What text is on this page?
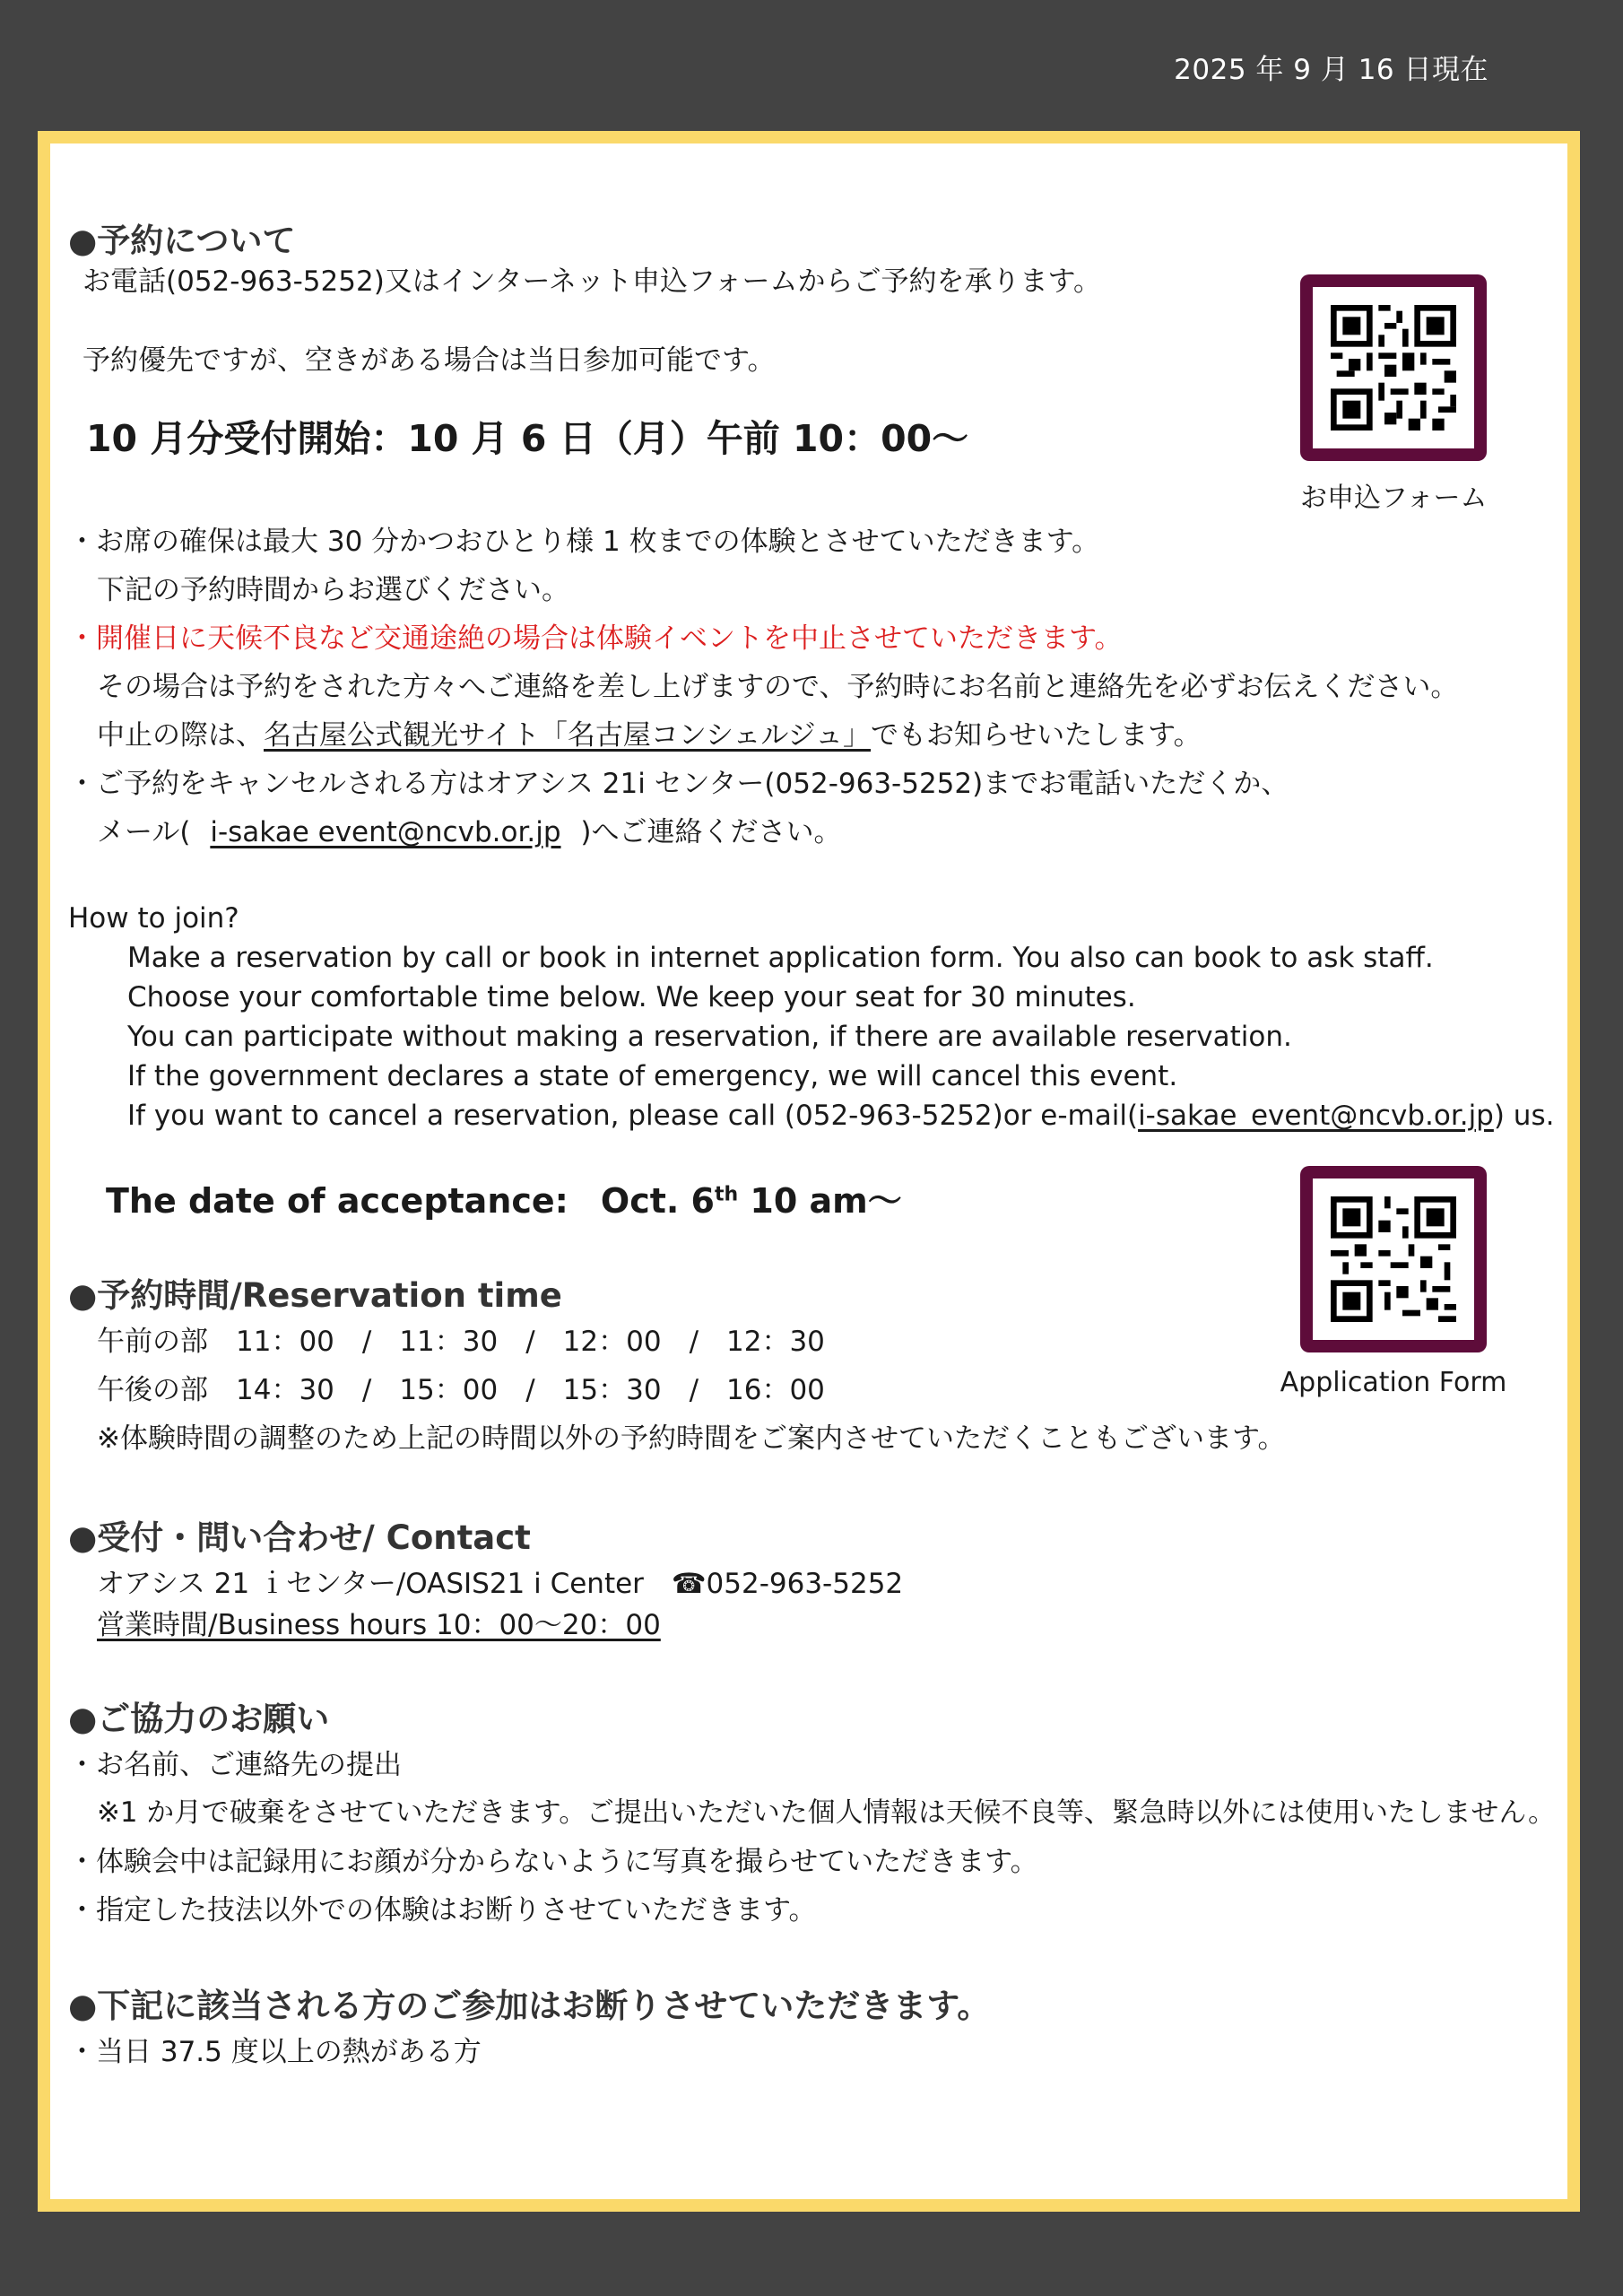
2025 年 9 月 16 日現在
●予約について
お電話(052-963-5252)又はインターネット申込フォームからご予約を承ります。
予約優先ですが、空きがある場合は当日参加可能です。
10 月分受付開始：10 月 6 日（月）午前 10：00～
・お席の確保は最大 30 分かつおひとり様 1 枚までの体験とさせていただきます。
下記の予約時間からお選びください。
・開催日に天候不良など交通途絶の場合は体験イベントを中止させていただきます。
その場合は予約をされた方々へご連絡を差し上げますので、予約時にお名前と連絡先を必ずお伝えください。
中止の際は、名古屋公式観光サイト「名古屋コンシェルジュ」でもお知らせいたします。
・ご予約をキャンセルされる方はオアシス 21i センター(052-963-5252)までお電話いただくか、
メール( i-sakae event@ncvb.or.jp )へご連絡ください。
お申込フォーム
How to join?
Make a reservation by call or book in internet application form. You also can book to ask staff.
Choose your comfortable time below. We keep your seat for 30 minutes.
You can participate without making a reservation, if there are available reservation.
If the government declares a state of emergency, we will cancel this event.
If you want to cancel a reservation, please call (052-963-5252)or e-mail(i-sakae_event@ncvb.or.jp) us.
The date of acceptance: Oct. 6th 10 am～
Application Form
●予約時間/Reservation time
午前の部　11：00　/　11：30　/　12：00　/　12：30
午後の部　14：30　/　15：00　/　15：30　/　16：00
※体験時間の調整のため上記の時間以外の予約時間をご案内させていただくこともございます。
●受付・問い合わせ/ Contact
オアシス 21 ｉセンター/OASIS21 i Center　☎052-963-5252
営業時間/Business hours 10：00～20：00
●ご協力のお願い
・お名前、ご連絡先の提出
※1 か月で破棄をさせていただきます。ご提出いただいた個人情報は天候不良等、緊急時以外には使用いたしません。
・体験会中は記録用にお顔が分からないように写真を撮らせていただきます。
・指定した技法以外での体験はお断りさせていただきます。
●下記に該当される方のご参加はお断りさせていただきます。
・当日 37.5 度以上の熱がある方
